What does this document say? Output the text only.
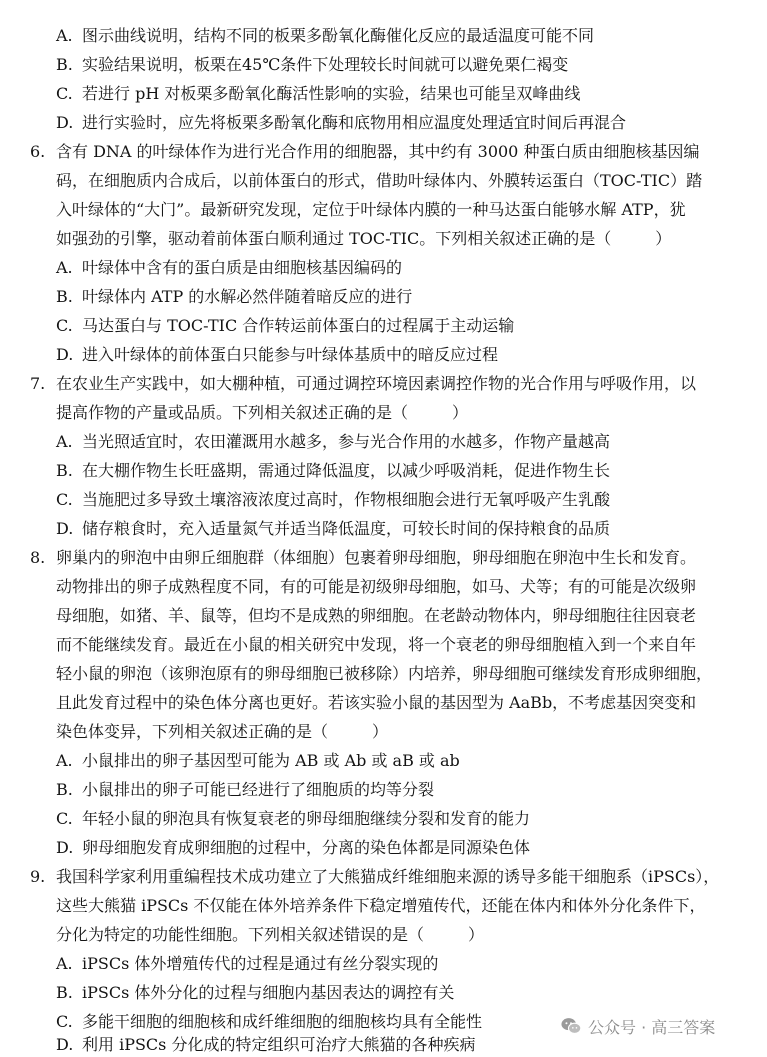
A. 图示曲线说明，结构不同的板栗多酚氧化酶催化反应的最适温度可能不同
B. 实验结果说明，板栗在45℃条件下处理较长时间就可以避免栗仁褐变
C. 若进行 pH 对板栗多酚氧化酶活性影响的实验，结果也可能呈双峰曲线
D. 进行实验时，应先将板栗多酚氧化酶和底物用相应温度处理适宜时间后再混合
6. 含有 DNA 的叶绿体作为进行光合作用的细胞器，其中约有 3000 种蛋白质由细胞核基因编
码，在细胞质内合成后，以前体蛋白的形式，借助叶绿体内、外膜转运蛋白（TOC-TIC）踏
入叶绿体的“大门”。最新研究发现，定位于叶绿体内膜的一种马达蛋白能够水解 ATP，犹
如强劲的引擎，驱动着前体蛋白顺利通过 TOC-TIC。下列相关叙述正确的是（	）
A. 叶绿体中含有的蛋白质是由细胞核基因编码的
B. 叶绿体内 ATP 的水解必然伴随着暗反应的进行
C. 马达蛋白与 TOC-TIC 合作转运前体蛋白的过程属于主动运输
D. 进入叶绿体的前体蛋白只能参与叶绿体基质中的暗反应过程
7. 在农业生产实践中，如大棚种植，可通过调控环境因素调控作物的光合作用与呼吸作用，以
提高作物的产量或品质。下列相关叙述正确的是（	）
A. 当光照适宜时，农田灌溉用水越多，参与光合作用的水越多，作物产量越高
B. 在大棚作物生长旺盛期，需通过降低温度，以减少呼吸消耗，促进作物生长
C. 当施肥过多导致土壤溶液浓度过高时，作物根细胞会进行无氧呼吸产生乳酸
D. 储存粮食时，充入适量氮气并适当降低温度，可较长时间的保持粮食的品质
8. 卵巢内的卵泡中由卵丘细胞群（体细胞）包裹着卵母细胞，卵母细胞在卵泡中生长和发育。
动物排出的卵子成熟程度不同，有的可能是初级卵母细胞，如马、犬等；有的可能是次级卵
母细胞，如猪、羊、鼠等，但均不是成熟的卵细胞。在老龄动物体内，卵母细胞往往因衰老
而不能继续发育。最近在小鼠的相关研究中发现，将一个衰老的卵母细胞植入到一个来自年
轻小鼠的卵泡（该卵泡原有的卵母细胞已被移除）内培养，卵母细胞可继续发育形成卵细胞，
且此发育过程中的染色体分离也更好。若该实验小鼠的基因型为 AaBb，不考虑基因突变和
染色体变异，下列相关叙述正确的是（	）
A. 小鼠排出的卵子基因型可能为 AB 或 Ab 或 aB 或 ab
B. 小鼠排出的卵子可能已经进行了细胞质的均等分裂
C. 年轻小鼠的卵泡具有恢复衰老的卵母细胞继续分裂和发育的能力
D. 卵母细胞发育成卵细胞的过程中，分离的染色体都是同源染色体
9. 我国科学家利用重编程技术成功建立了大熊猫成纤维细胞来源的诱导多能干细胞系（iPSCs），
这些大熊猫 iPSCs 不仅能在体外培养条件下稳定增殖传代，还能在体内和体外分化条件下，
分化为特定的功能性细胞。下列相关叙述错误的是（	）
A. iPSCs 体外增殖传代的过程是通过有丝分裂实现的
B. iPSCs 体外分化的过程与细胞内基因表达的调控有关
C. 多能干细胞的细胞核和成纤维细胞的细胞核均具有全能性
D. 利用 iPSCs 分化成的特定组织可治疗大熊猫的各种疾病
公众号 · 高三答案
